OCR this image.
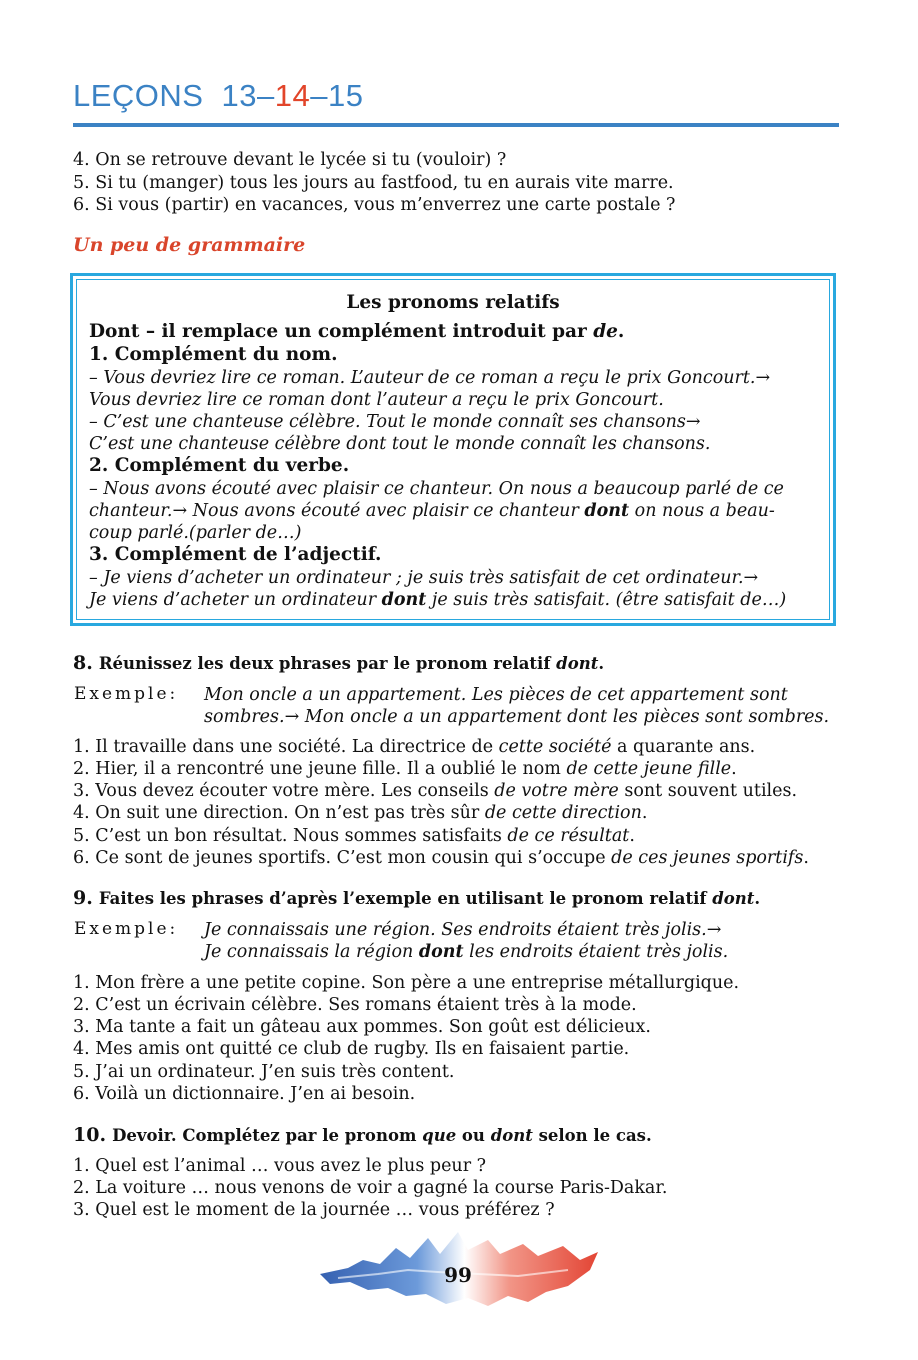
LEÇONS 13–14–15
4. On se retrouve devant le lycée si tu (vouloir) ?
5. Si tu (manger) tous les jours au fastfood, tu en aurais vite marre.
6. Si vous (partir) en vacances, vous m’enverrez une carte postale ?
Un peu de grammaire
Les pronoms relatifs
Dont – il remplace un complément introduit par de.
1. Complément du nom.
– Vous devriez lire ce roman. L’auteur de ce roman a reçu le prix Goncourt.→
Vous devriez lire ce roman dont l’auteur a reçu le prix Goncourt.
– C’est une chanteuse célèbre. Tout le monde connaît ses chansons→
C’est une chanteuse célèbre dont tout le monde connaît les chansons.
2. Complément du verbe.
– Nous avons écouté avec plaisir ce chanteur. On nous a beaucoup parlé de ce
chanteur.→ Nous avons écouté avec plaisir ce chanteur dont on nous a beau-
coup parlé.(parler de…)
3. Complément de l’adjectif.
– Je viens d’acheter un ordinateur ; je suis très satisfait de cet ordinateur.→
Je viens d’acheter un ordinateur dont je suis très satisfait. (être satisfait de…)
8. Réunissez les deux phrases par le pronom relatif dont.
Exemple: Mon oncle a un appartement. Les pièces de cet appartement sont
sombres.→ Mon oncle a un appartement dont les pièces sont sombres.
1. Il travaille dans une société. La directrice de cette société a quarante ans.
2. Hier, il a rencontré une jeune fille. Il a oublié le nom de cette jeune fille.
3. Vous devez écouter votre mère. Les conseils de votre mère sont souvent utiles.
4. On suit une direction. On n’est pas très sûr de cette direction.
5. C’est un bon résultat. Nous sommes satisfaits de ce résultat.
6. Ce sont de jeunes sportifs. C’est mon cousin qui s’occupe de ces jeunes sportifs.
9. Faites les phrases d’après l’exemple en utilisant le pronom relatif dont.
Exemple: Je connaissais une région. Ses endroits étaient très jolis.→
Je connaissais la région dont les endroits étaient très jolis.
1. Mon frère a une petite copine. Son père a une entreprise métallurgique.
2. C’est un écrivain célèbre. Ses romans étaient très à la mode.
3. Ma tante a fait un gâteau aux pommes. Son goût est délicieux.
4. Mes amis ont quitté ce club de rugby. Ils en faisaient partie.
5. J’ai un ordinateur. J’en suis très content.
6. Voilà un dictionnaire. J’en ai besoin.
10. Devoir. Complétez par le pronom que ou dont selon le cas.
1. Quel est l’animal … vous avez le plus peur ?
2. La voiture … nous venons de voir a gagné la course Paris-Dakar.
3. Quel est le moment de la journée … vous préférez ?
99
